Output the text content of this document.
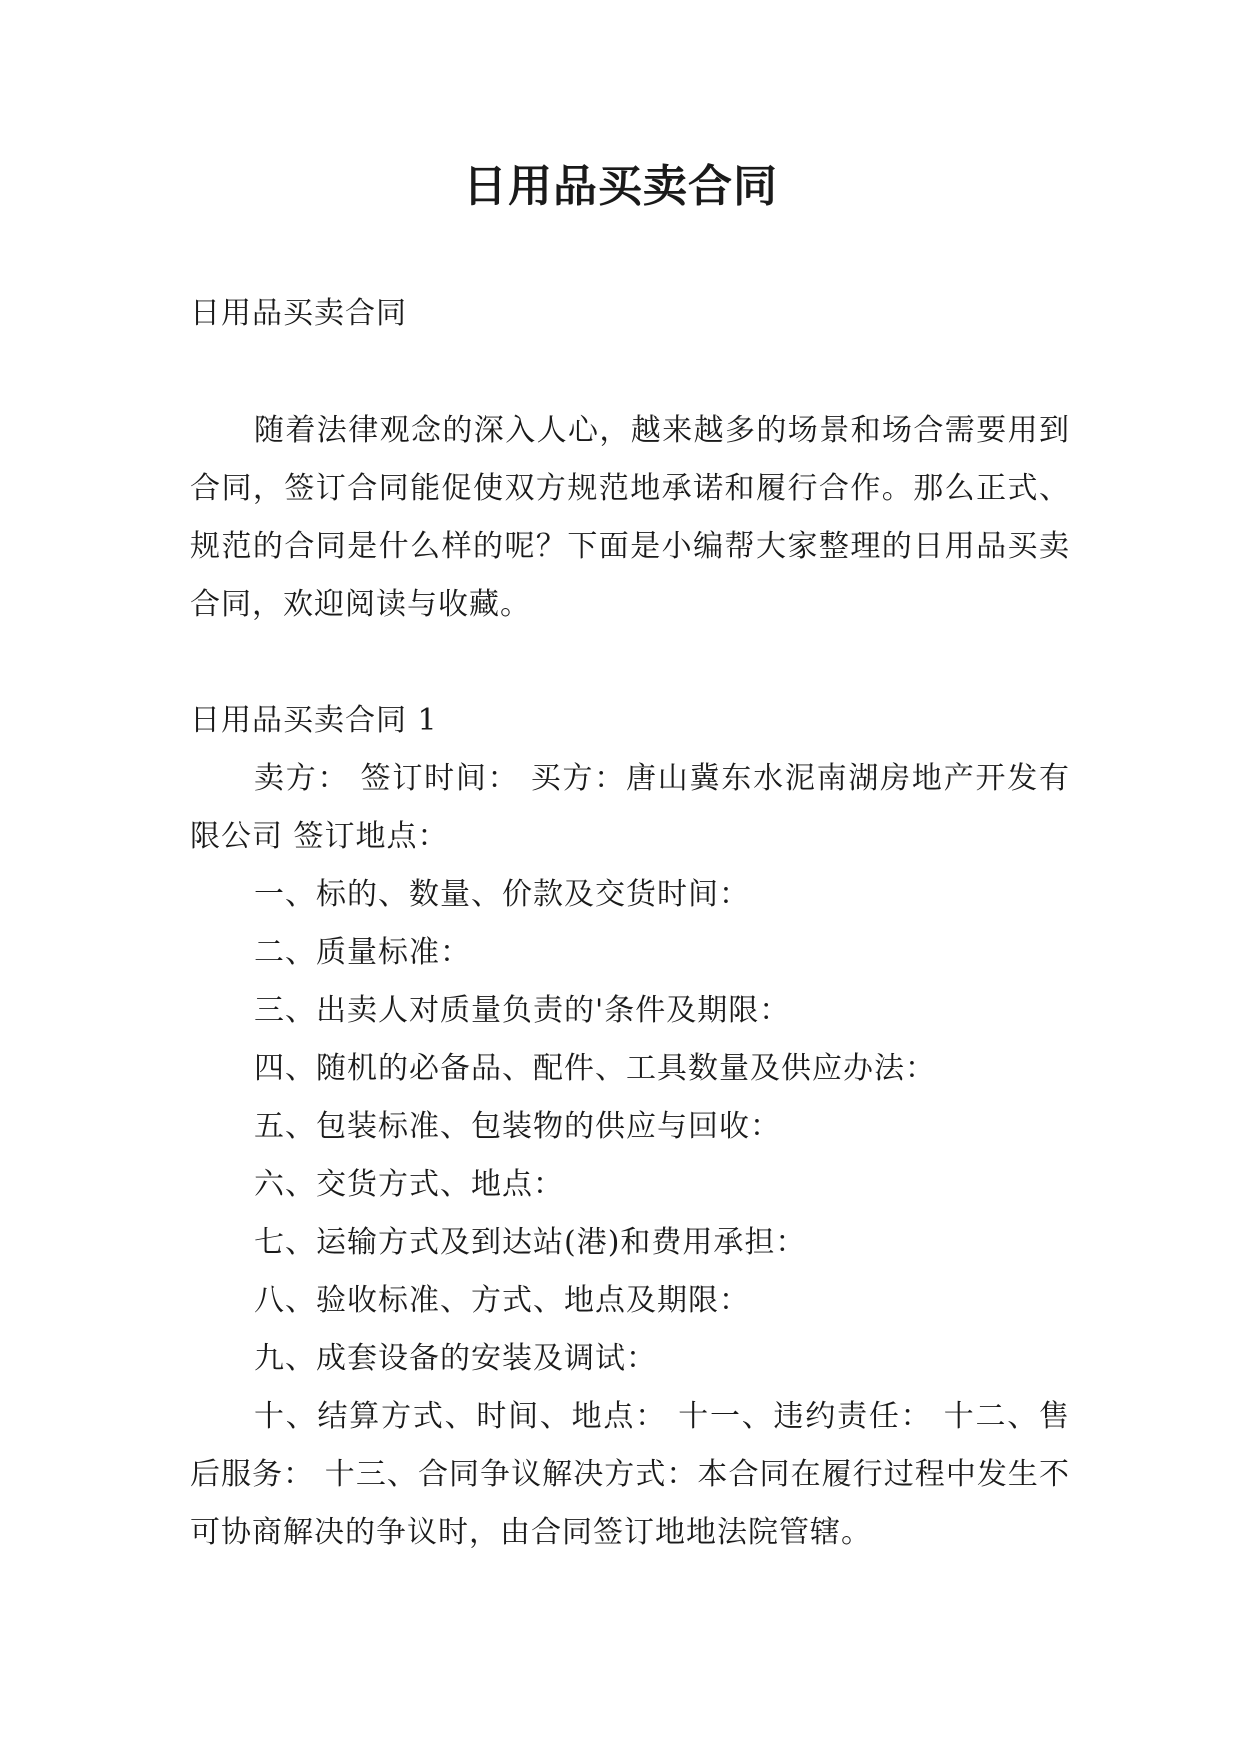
日用品买卖合同

日用品买卖合同

随着法律观念的深入人心，越来越多的场景和场合需要用到合同，签订合同能促使双方规范地承诺和履行合作。那么正式、规范的合同是什么样的呢？下面是小编帮大家整理的日用品买卖合同，欢迎阅读与收藏。

日用品买卖合同 1

卖方： 签订时间： 买方：唐山冀东水泥南湖房地产开发有限公司 签订地点：

一、标的、数量、价款及交货时间：

二、质量标准：

三、出卖人对质量负责的'条件及期限：

四、随机的必备品、配件、工具数量及供应办法：

五、包装标准、包装物的供应与回收：

六、交货方式、地点：

七、运输方式及到达站(港)和费用承担：

八、验收标准、方式、地点及期限：

九、成套设备的安装及调试：

十、结算方式、时间、地点： 十一、违约责任： 十二、售后服务： 十三、合同争议解决方式：本合同在履行过程中发生不可协商解决的争议时，由合同签订地地法院管辖。
